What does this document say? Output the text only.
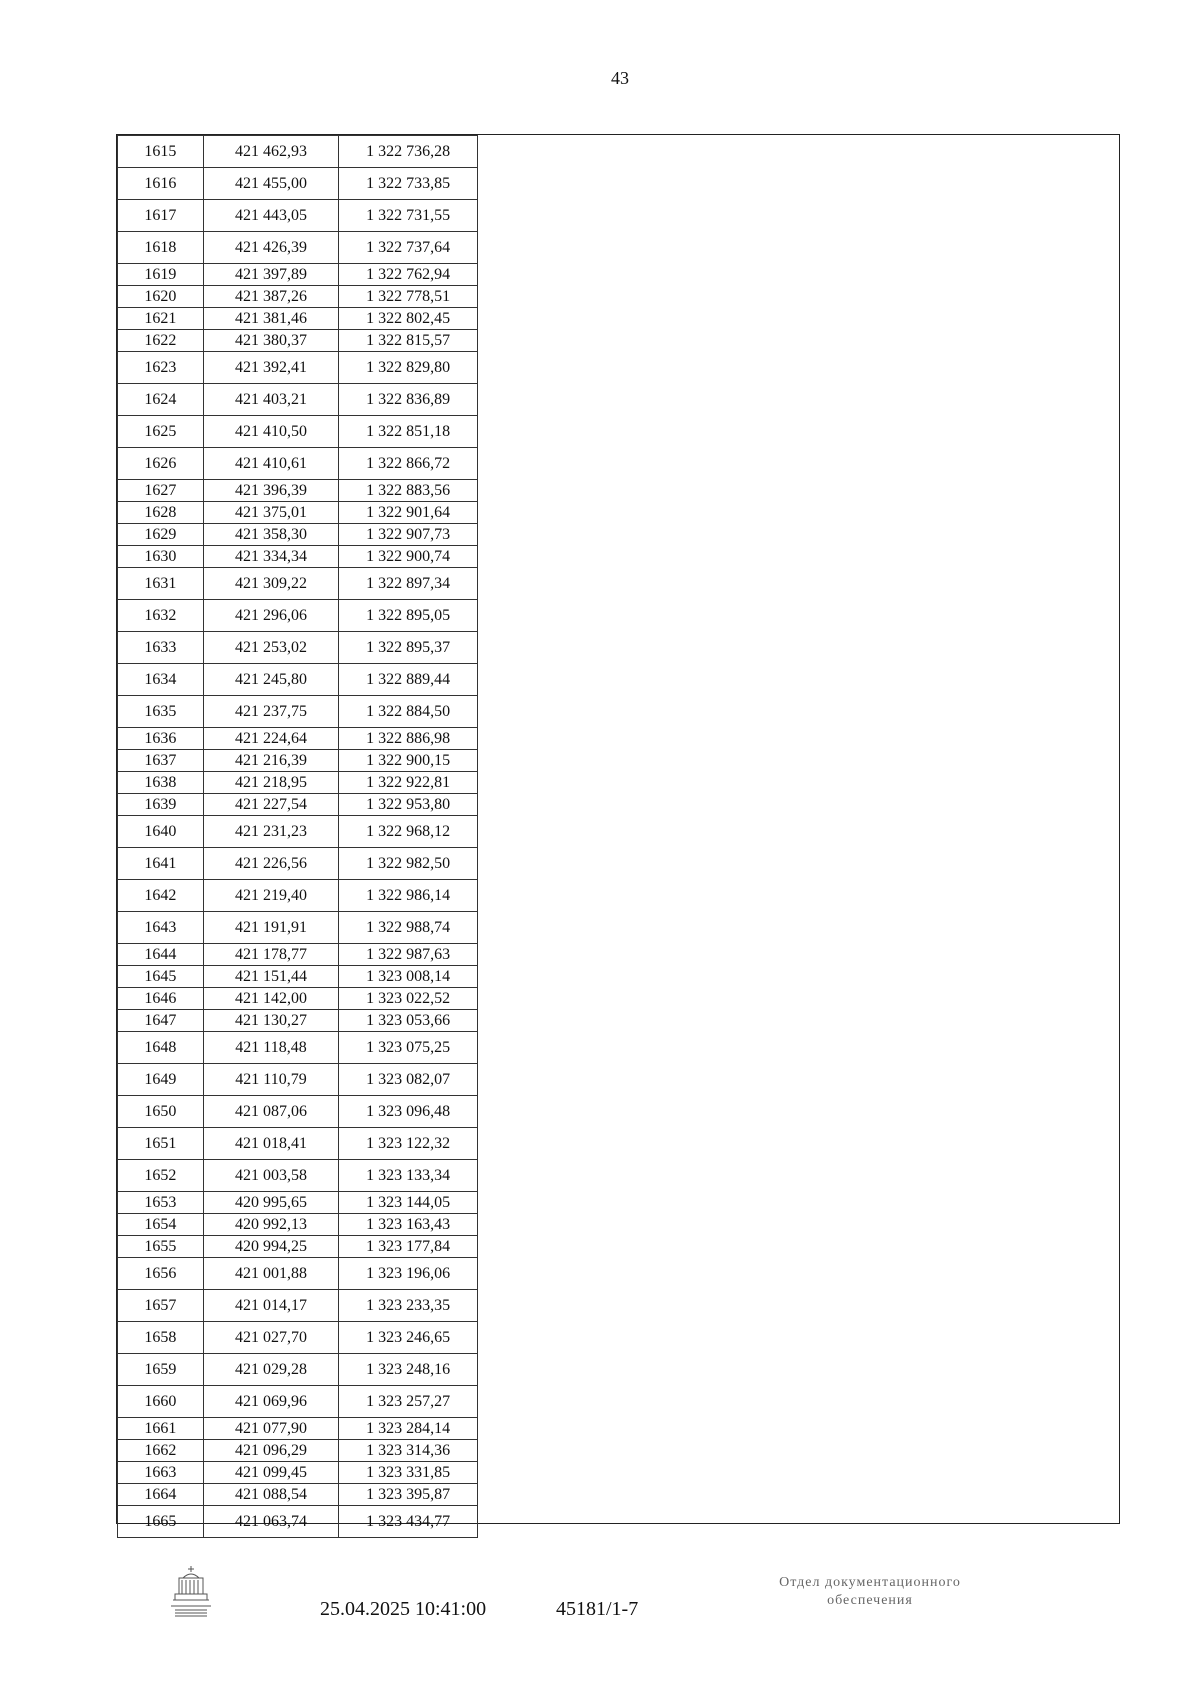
43
1615	421 462,93	1 322 736,28
1616	421 455,00	1 322 733,85
1617	421 443,05	1 322 731,55
1618	421 426,39	1 322 737,64
1619	421 397,89	1 322 762,94
1620	421 387,26	1 322 778,51
1621	421 381,46	1 322 802,45
1622	421 380,37	1 322 815,57
1623	421 392,41	1 322 829,80
1624	421 403,21	1 322 836,89
1625	421 410,50	1 322 851,18
1626	421 410,61	1 322 866,72
1627	421 396,39	1 322 883,56
1628	421 375,01	1 322 901,64
1629	421 358,30	1 322 907,73
1630	421 334,34	1 322 900,74
1631	421 309,22	1 322 897,34
1632	421 296,06	1 322 895,05
1633	421 253,02	1 322 895,37
1634	421 245,80	1 322 889,44
1635	421 237,75	1 322 884,50
1636	421 224,64	1 322 886,98
1637	421 216,39	1 322 900,15
1638	421 218,95	1 322 922,81
1639	421 227,54	1 322 953,80
1640	421 231,23	1 322 968,12
1641	421 226,56	1 322 982,50
1642	421 219,40	1 322 986,14
1643	421 191,91	1 322 988,74
1644	421 178,77	1 322 987,63
1645	421 151,44	1 323 008,14
1646	421 142,00	1 323 022,52
1647	421 130,27	1 323 053,66
1648	421 118,48	1 323 075,25
1649	421 110,79	1 323 082,07
1650	421 087,06	1 323 096,48
1651	421 018,41	1 323 122,32
1652	421 003,58	1 323 133,34
1653	420 995,65	1 323 144,05
1654	420 992,13	1 323 163,43
1655	420 994,25	1 323 177,84
1656	421 001,88	1 323 196,06
1657	421 014,17	1 323 233,35
1658	421 027,70	1 323 246,65
1659	421 029,28	1 323 248,16
1660	421 069,96	1 323 257,27
1661	421 077,90	1 323 284,14
1662	421 096,29	1 323 314,36
1663	421 099,45	1 323 331,85
1664	421 088,54	1 323 395,87
1665	421 063,74	1 323 434,77
25.04.2025 10:41:00	45181/1-7
Отдел документационного
обеспечения
